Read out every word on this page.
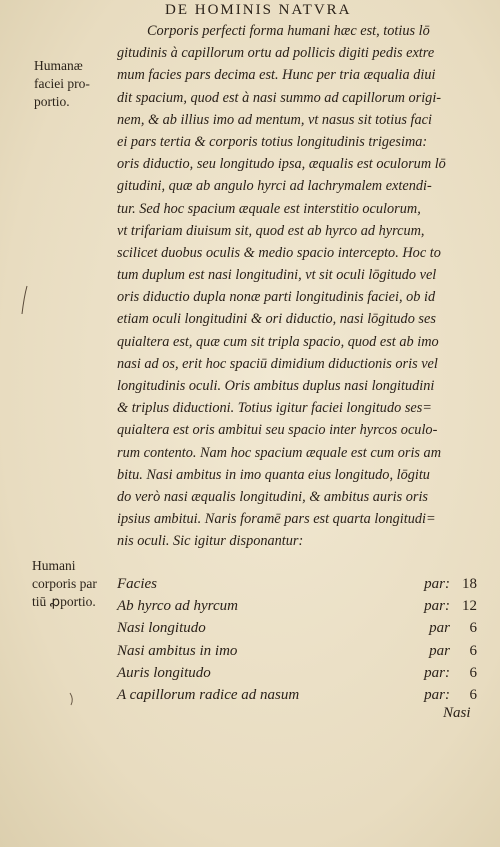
DE HOMINIS NATVRA
Humanæ
faciei pro-
portio.
Humani
corporis par
tiū ꝓportio.
Corporis perfecti forma humani hæc est, totius lō
gitudinis à capillorum ortu ad pollicis digiti pedis extre
mum facies pars decima est. Hunc per tria æqualia diui
dit spacium, quod est à nasi summo ad capillorum origi-
nem, & ab illius imo ad mentum, vt nasus sit totius faci
ei pars tertia & corporis totius longitudinis trigesima:
oris diductio, seu longitudo ipsa, æqualis est oculorum lō
gitudini, quæ ab angulo hyrci ad lachrymalem extendi-
tur. Sed hoc spacium æquale est interstitio oculorum,
vt trifariam diuisum sit, quod est ab hyrco ad hyrcum,
scilicet duobus oculis & medio spacio intercepto. Hoc to
tum duplum est nasi longitudini, vt sit oculi lōgitudo vel
oris diductio dupla nonæ parti longitudinis faciei, ob id
etiam oculi longitudini & ori diductio, nasi lōgitudo ses
quialtera est, quæ cum sit tripla spacio, quod est ab imo
nasi ad os, erit hoc spaciū dimidium diductionis oris vel
longitudinis oculi. Oris ambitus duplus nasi longitudini
& triplus diductioni. Totius igitur faciei longitudo ses=
quialtera est oris ambitui seu spacio inter hyrcos oculo-
rum contento. Nam hoc spacium æquale est cum oris am
bitu. Nasi ambitus in imo quanta eius longitudo, lōgitu
do verò nasi æqualis longitudini, & ambitus auris oris
ipsius ambitui. Naris foramē pars est quarta longitudi=
nis oculi. Sic igitur disponantur:
Facies	par: 18
Ab hyrco ad hyrcum	par: 12
Nasi longitudo	par 6
Nasi ambitus in imo	par 6
Auris longitudo	par: 6
A capillorum radice ad nasum	par: 6
Nasi
